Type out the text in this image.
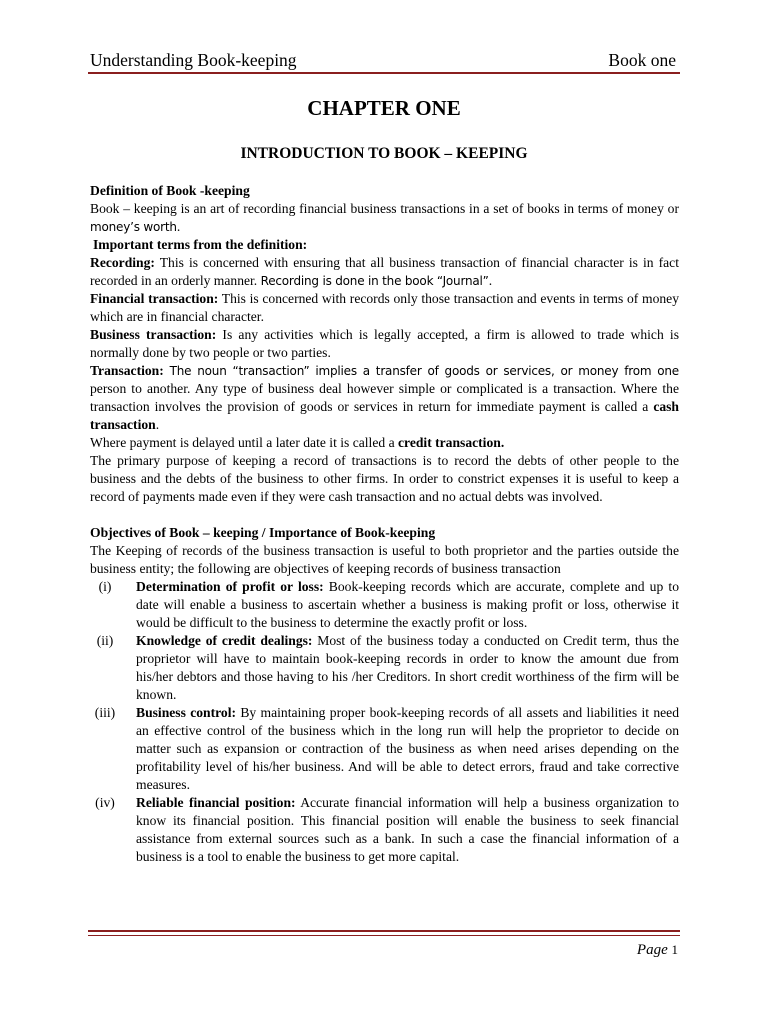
Understanding Book-keeping	Book one
CHAPTER ONE
INTRODUCTION TO BOOK – KEEPING

Definition of Book -keeping

Book – keeping is an art of recording financial business transactions in a set of books in terms of money or money’s worth.

Important terms from the definition:

Recording: This is concerned with ensuring that all business transaction of financial character is in fact recorded in an orderly manner. Recording is done in the book “Journal”.

Financial transaction: This is concerned with records only those transaction and events in terms of money which are in financial character.

Business transaction: Is any activities which is legally accepted, a firm is allowed to trade which is normally done by two people or two parties.

Transaction: The noun “transaction” implies a transfer of goods or services, or money from one person to another. Any type of business deal however simple or complicated is a transaction. Where the transaction involves the provision of goods or services in return for immediate payment is called a cash transaction.

Where payment is delayed until a later date it is called a credit transaction.

The primary purpose of keeping a record of transactions is to record the debts of other people to the business and the debts of the business to other firms. In order to constrict expenses it is useful to keep a record of payments made even if they were cash transaction and no actual debts was involved.

Objectives of Book – keeping / Importance of Book-keeping

The Keeping of records of the business transaction is useful to both proprietor and the parties outside the business entity; the following are objectives of keeping records of business transaction

(i)	Determination of profit or loss: Book-keeping records which are accurate, complete and up to date will enable a business to ascertain whether a business is making profit or loss, otherwise it would be difficult to the business to determine the exactly profit or loss.
(ii)	Knowledge of credit dealings: Most of the business today a conducted on Credit term, thus the proprietor will have to maintain book-keeping records in order to know the amount due from his/her debtors and those having to his /her Creditors. In short credit worthiness of the firm will be known.
(iii)	Business control: By maintaining proper book-keeping records of all assets and liabilities it need an effective control of the business which in the long run will help the proprietor to decide on matter such as expansion or contraction of the business as when need arises depending on the profitability level of his/her business. And will be able to detect errors, fraud and take corrective measures.
(iv)	Reliable financial position: Accurate financial information will help a business organization to know its financial position. This financial position will enable the business to seek financial assistance from external sources such as a bank. In such a case the financial information of a business is a tool to enable the business to get more capital.
Page 1
